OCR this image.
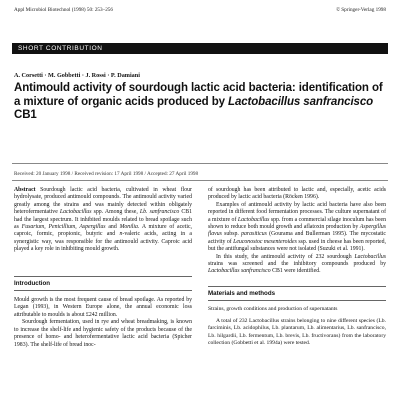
Appl Microbiol Biotechnol (1998) 50: 253–256	© Springer-Verlag 1998
SHORT CONTRIBUTION
A. Corsetti · M. Gobbetti · J. Rossi · P. Damiani
Antimould activity of sourdough lactic acid bacteria: identification of a mixture of organic acids produced by Lactobacillus sanfrancisco CB1
Received: 20 January 1998 / Received revision: 17 April 1998 / Accepted: 27 April 1998

Abstract Sourdough lactic acid bacteria, cultivated in wheat flour hydrolysate, produced antimould compounds. The antimould activity varied greatly among the strains and was mainly detected within obligately heterofermentative Lactobacillus spp. Among these, Lb. sanfrancisco CB1 had the largest spectrum. It inhibited moulds related to bread spoilage such as Fusarium, Penicillium, Aspergillus and Monilia. A mixture of acetic, caproic, formic, propionic, butyric and n-valeric acids, acting in a synergistic way, was responsible for the antimould activity. Caproic acid played a key role in inhibiting mould growth.

Introduction

Mould growth is the most frequent cause of bread spoilage. As reported by Legan (1993), in Western Europe alone, the annual economic loss attributable to moulds is about £242 million.

Sourdough fermentation, used in rye and wheat breadmaking, is known to increase the shelf-life and hygienic safety of the products because of the presence of homo- and heterofermentative lactic acid bacteria (Spicher 1983). The shelf-life of bread inoc-

of sourdough has been attributed to lactic and, especially, acetic acids produced by lactic acid bacteria (Röcken 1996).

Examples of antimould activity by lactic acid bacteria have also been reported in different food fermentation processes. The culture supernatant of a mixture of Lactobacillus spp. from a commercial silage inoculum has been shown to reduce both mould growth and aflatoxin production by Aspergillus flavus subsp. parasiticus (Gourama and Bullerman 1995). The mycostatic activity of Leuconostoc mesenteroides ssp. used in cheese has been reported, but the antifungal substances were not isolated (Suzuki et al. 1991).

In this study, the antimould activity of 232 sourdough Lactobacillus strains was screened and the inhibitory compounds produced by Lactobacillus sanfrancisco CB1 were identified.

Materials and methods

Strains, growth conditions and production of supernatants

A total of 232 Lactobacillus strains belonging to nine different species (Lb. farciminis, Lb. acidophilus, Lb. plantarum, Lb. alimentarius, Lb. sanfrancisco, Lb. hilgardii, Lb. fermentum, Lb. brevis, Lb. fructivorans) from the laboratory collection (Gobbetti et al. 1994a) were tested.
